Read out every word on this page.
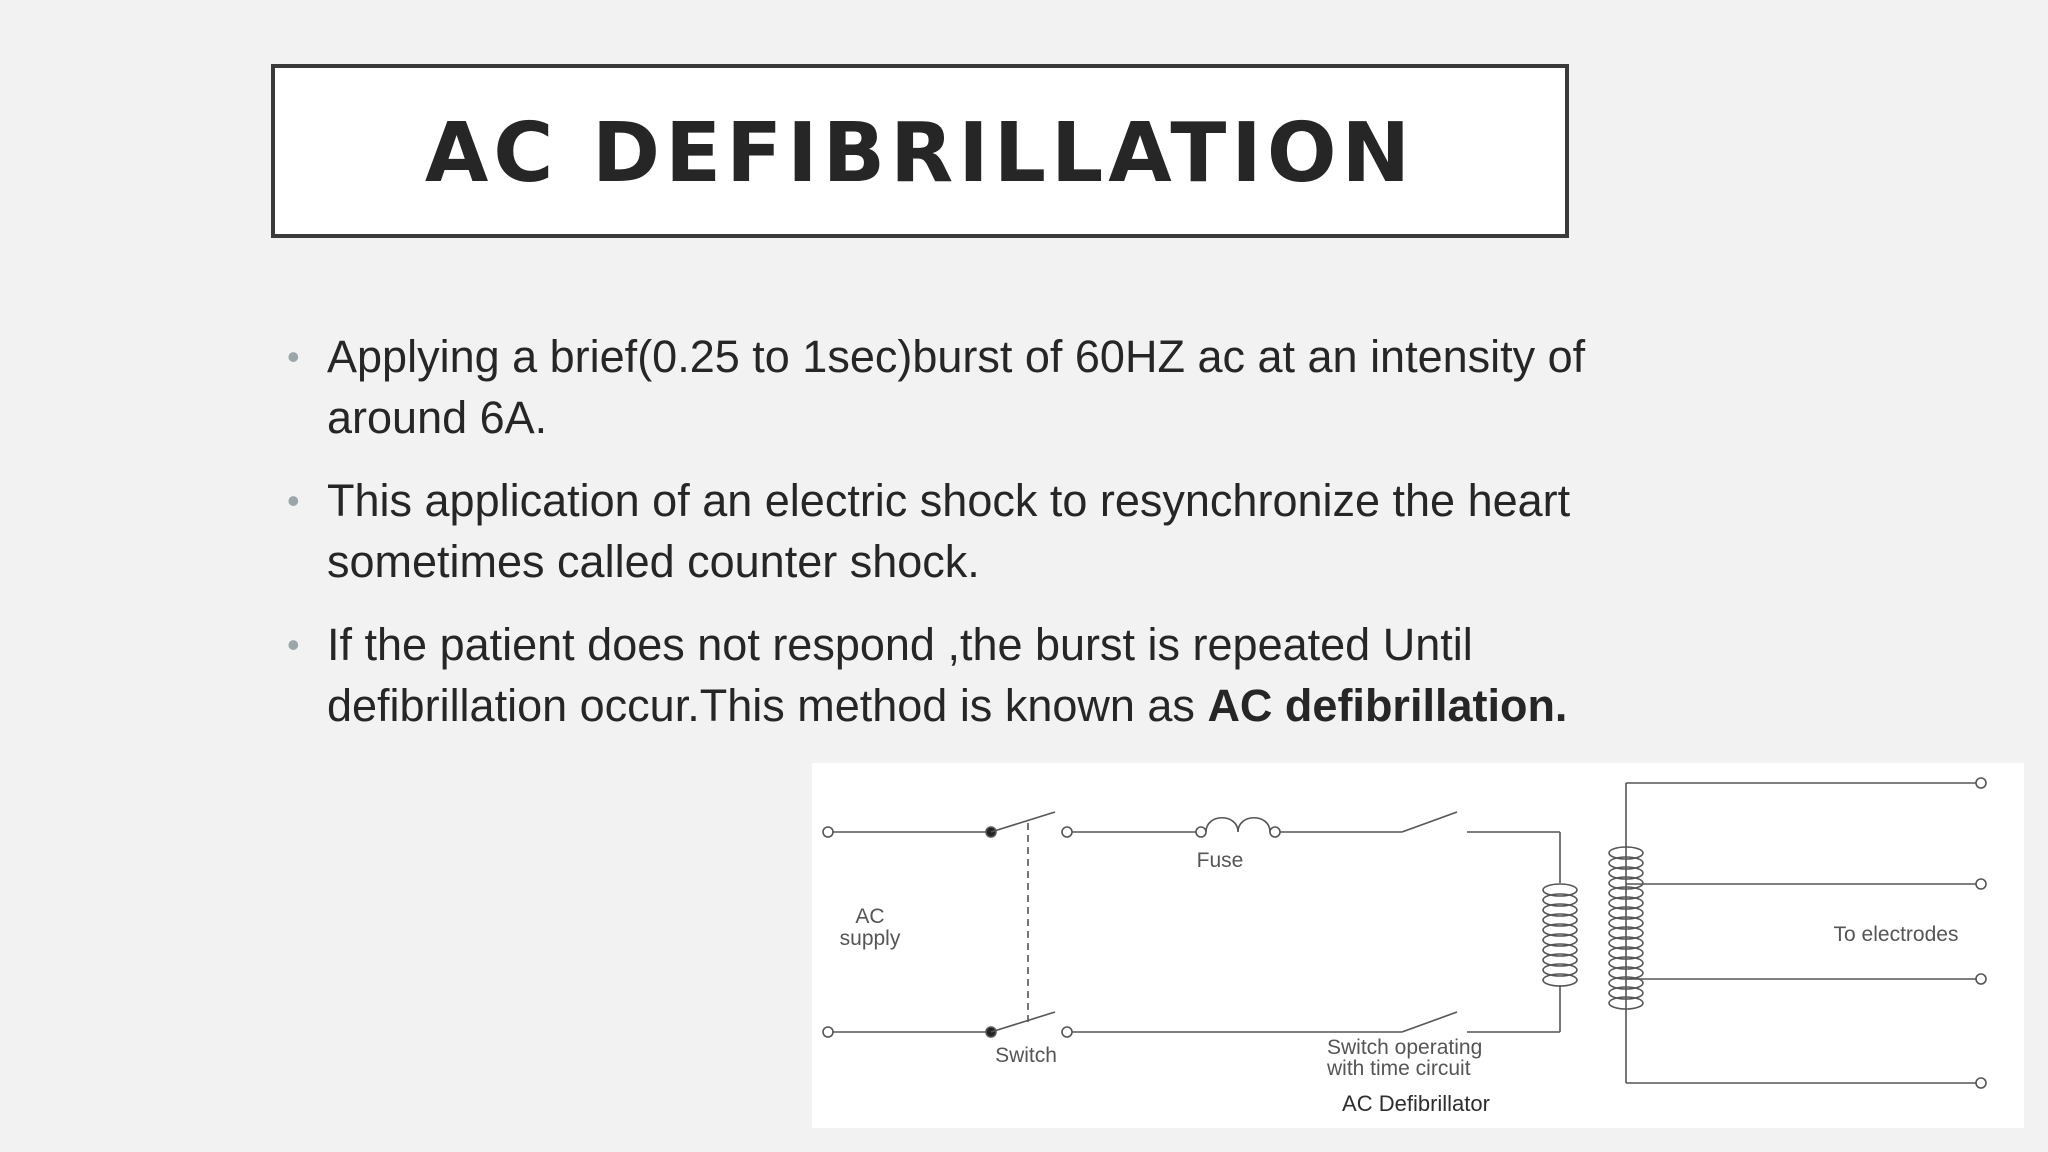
AC DEFIBRILLATION
• Applying a brief(0.25 to 1sec)burst of 60HZ ac at an intensity of around 6A.
• This application of an electric shock to resynchronize the heart sometimes called counter shock.
• If the patient does not respond ,the burst is repeated Until defibrillation occur.This method is known as AC defibrillation.
AC
supply
Fuse
Switch	Switch operating
with time circuit
To electrodes
AC Defibrillator
